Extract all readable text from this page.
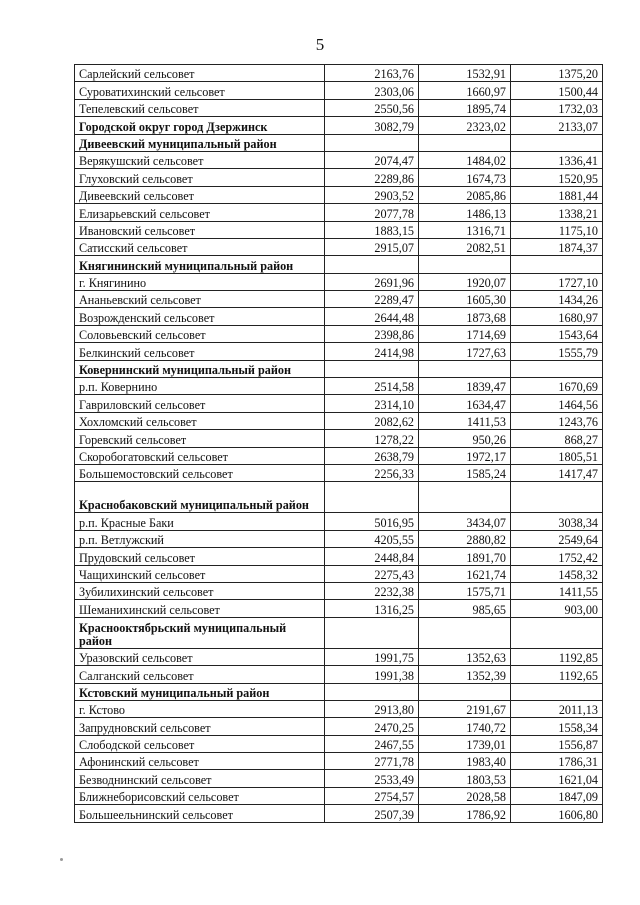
5
Сарлейский сельсовет	2163,76	1532,91	1375,20
Суроватихинский сельсовет	2303,06	1660,97	1500,44
Тепелевский сельсовет	2550,56	1895,74	1732,03
Городской округ город Дзержинск	3082,79	2323,02	2133,07
Дивеевский муниципальный район			
Верякушский сельсовет	2074,47	1484,02	1336,41
Глуховский сельсовет	2289,86	1674,73	1520,95
Дивеевский сельсовет	2903,52	2085,86	1881,44
Елизарьевский сельсовет	2077,78	1486,13	1338,21
Ивановский сельсовет	1883,15	1316,71	1175,10
Сатисский сельсовет	2915,07	2082,51	1874,37
Княгининский муниципальный район			
г. Княгинино	2691,96	1920,07	1727,10
Ананьевский сельсовет	2289,47	1605,30	1434,26
Возрожденский сельсовет	2644,48	1873,68	1680,97
Соловьевский сельсовет	2398,86	1714,69	1543,64
Белкинский сельсовет	2414,98	1727,63	1555,79
Ковернинский муниципальный район			
р.п. Ковернино	2514,58	1839,47	1670,69
Гавриловский сельсовет	2314,10	1634,47	1464,56
Хохломский сельсовет	2082,62	1411,53	1243,76
Горевский сельсовет	1278,22	950,26	868,27
Скоробогатовский сельсовет	2638,79	1972,17	1805,51
Большемостовский сельсовет	2256,33	1585,24	1417,47
Краснобаковский муниципальный район			
р.п. Красные Баки	5016,95	3434,07	3038,34
р.п. Ветлужский	4205,55	2880,82	2549,64
Прудовский сельсовет	2448,84	1891,70	1752,42
Чащихинский сельсовет	2275,43	1621,74	1458,32
Зубилихинский сельсовет	2232,38	1575,71	1411,55
Шеманихинский сельсовет	1316,25	985,65	903,00
Краснооктябрьский муниципальный район			
Уразовский сельсовет	1991,75	1352,63	1192,85
Салганский сельсовет	1991,38	1352,39	1192,65
Кстовский муниципальный район			
г. Кстово	2913,80	2191,67	2011,13
Запрудновский сельсовет	2470,25	1740,72	1558,34
Слободской сельсовет	2467,55	1739,01	1556,87
Афонинский сельсовет	2771,78	1983,40	1786,31
Безводнинский сельсовет	2533,49	1803,53	1621,04
Ближнеборисовский сельсовет	2754,57	2028,58	1847,09
Большеельнинский сельсовет	2507,39	1786,92	1606,80
